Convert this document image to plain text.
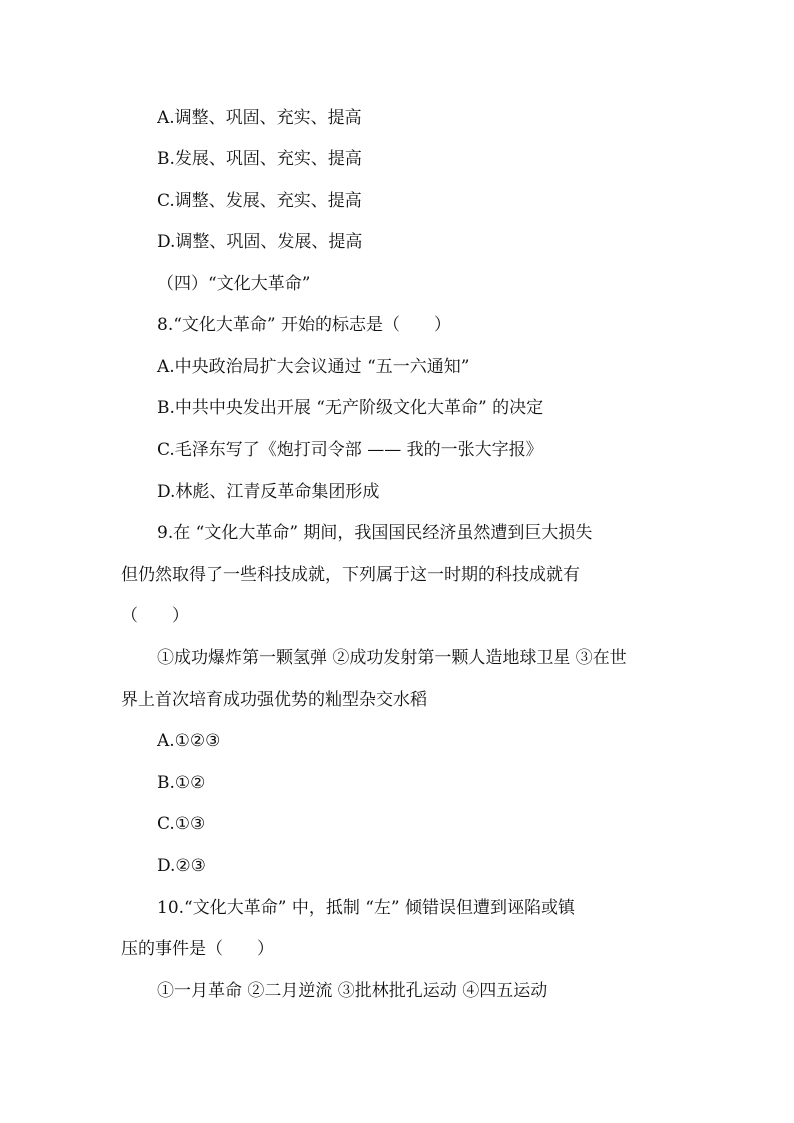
A.调整、巩固、充实、提高
B.发展、巩固、充实、提高
C.调整、发展、充实、提高
D.调整、巩固、发展、提高
（四）“文化大革命”
8.“文化大革命” 开始的标志是（　　）
A.中央政治局扩大会议通过 “五一六通知”
B.中共中央发出开展 “无产阶级文化大革命” 的决定
C.毛泽东写了《炮打司令部 —— 我的一张大字报》
D.林彪、江青反革命集团形成
9.在 “文化大革命” 期间，我国国民经济虽然遭到巨大损失
但仍然取得了一些科技成就，下列属于这一时期的科技成就有
（　　）
①成功爆炸第一颗氢弹 ②成功发射第一颗人造地球卫星 ③在世
界上首次培育成功强优势的籼型杂交水稻
A.①②③
B.①②
C.①③
D.②③
10.“文化大革命” 中，抵制 “左” 倾错误但遭到诬陷或镇
压的事件是（　　）
①一月革命 ②二月逆流 ③批林批孔运动 ④四五运动
